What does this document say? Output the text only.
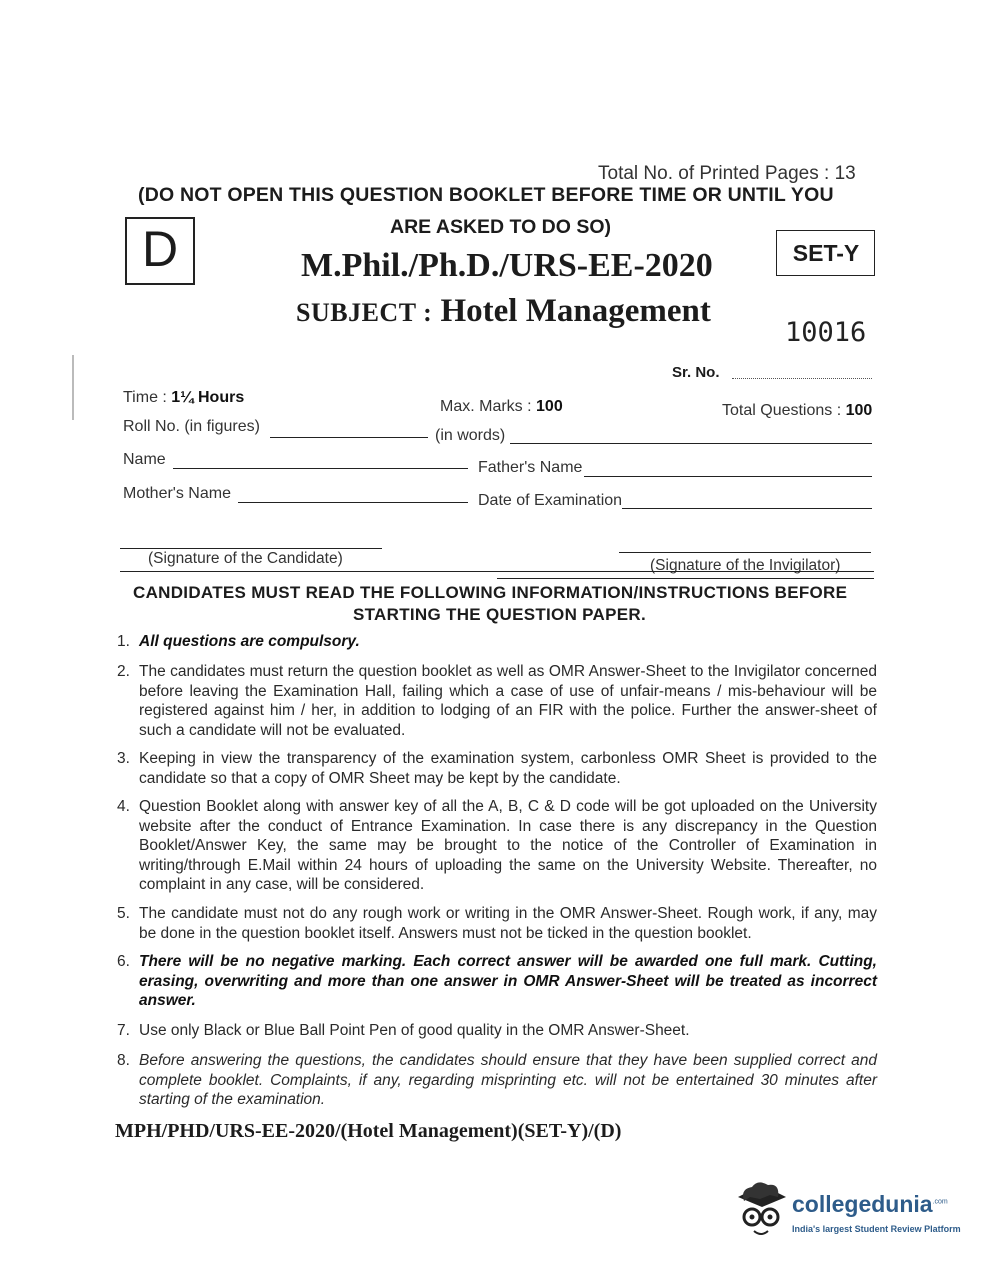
Total No. of Printed Pages : 13
(DO NOT OPEN THIS QUESTION BOOKLET BEFORE TIME OR UNTIL YOU
ARE ASKED TO DO SO)
D	SET-Y
M.Phil./Ph.D./URS-EE-2020
SUBJECT : Hotel Management
10016
Sr. No.
Time : 1¼ Hours
Max. Marks : 100	Total Questions : 100
Roll No. (in figures)
(in words)
Name	Father's Name
Mother's Name	Date of Examination
(Signature of the Candidate)	(Signature of the Invigilator)
CANDIDATES MUST READ THE FOLLOWING INFORMATION/INSTRUCTIONS BEFORE
STARTING THE QUESTION PAPER.
1. All questions are compulsory.
2. The candidates must return the question booklet as well as OMR Answer-Sheet to the Invigilator concerned before leaving the Examination Hall, failing which a case of use of unfair-means / mis-behaviour will be registered against him / her, in addition to lodging of an FIR with the police. Further the answer-sheet of such a candidate will not be evaluated.
3. Keeping in view the transparency of the examination system, carbonless OMR Sheet is provided to the candidate so that a copy of OMR Sheet may be kept by the candidate.
4. Question Booklet along with answer key of all the A, B, C & D code will be got uploaded on the University website after the conduct of Entrance Examination. In case there is any discrepancy in the Question Booklet/Answer Key, the same may be brought to the notice of the Controller of Examination in writing/through E.Mail within 24 hours of uploading the same on the University Website. Thereafter, no complaint in any case, will be considered.
5. The candidate must not do any rough work or writing in the OMR Answer-Sheet. Rough work, if any, may be done in the question booklet itself. Answers must not be ticked in the question booklet.
6. There will be no negative marking. Each correct answer will be awarded one full mark. Cutting, erasing, overwriting and more than one answer in OMR Answer-Sheet will be treated as incorrect answer.
7. Use only Black or Blue Ball Point Pen of good quality in the OMR Answer-Sheet.
8. Before answering the questions, the candidates should ensure that they have been supplied correct and complete booklet. Complaints, if any, regarding misprinting etc. will not be entertained 30 minutes after starting of the examination.
MPH/PHD/URS-EE-2020/(Hotel Management)(SET-Y)/(D)
collegedunia$^{.com}$
India's largest Student Review Platform
